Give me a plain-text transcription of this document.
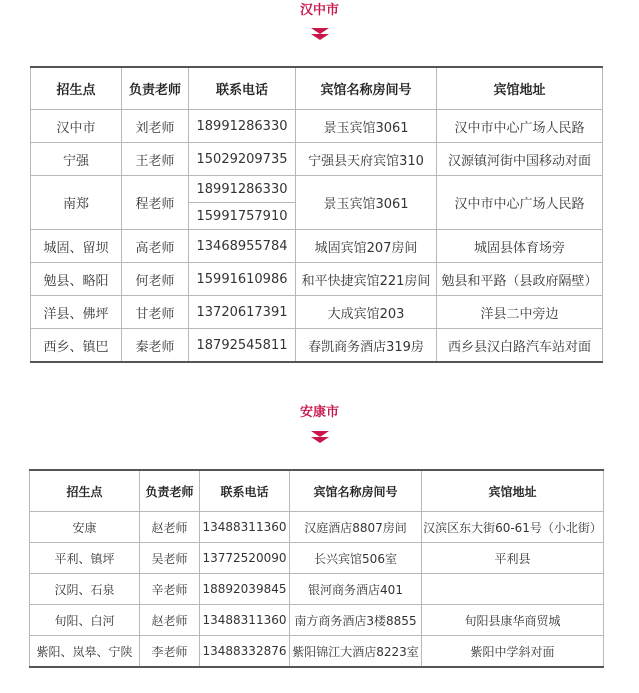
汉中市
招生点	负责老师	联系电话	宾馆名称房间号	宾馆地址
汉中市	刘老师	18991286330	景玉宾馆3061	汉中市中心广场人民路
宁强	王老师	15029209735	宁强县天府宾馆310	汉源镇河街中国移动对面
南郑	程老师	18991286330	景玉宾馆3061	汉中市中心广场人民路
		15991757910		
城固、留坝	高老师	13468955784	城固宾馆207房间	城固县体育场旁
勉县、略阳	何老师	15991610986	和平快捷宾馆221房间	勉县和平路（县政府隔壁）
洋县、佛坪	甘老师	13720617391	大成宾馆203	洋县二中旁边
西乡、镇巴	秦老师	18792545811	春凯商务酒店319房	西乡县汉白路汽车站对面
安康市
招生点	负责老师	联系电话	宾馆名称房间号	宾馆地址
安康	赵老师	13488311360	汉庭酒店8807房间	汉滨区东大街60-61号（小北街）
平利、镇坪	吴老师	13772520090	长兴宾馆506室	平利县
汉阴、石泉	辛老师	18892039845	银河商务酒店401	
旬阳、白河	赵老师	13488311360	南方商务酒店3楼8855	旬阳县康华商贸城
紫阳、岚皋、宁陕	李老师	13488332876	紫阳锦江大酒店8223室	紫阳中学斜对面
